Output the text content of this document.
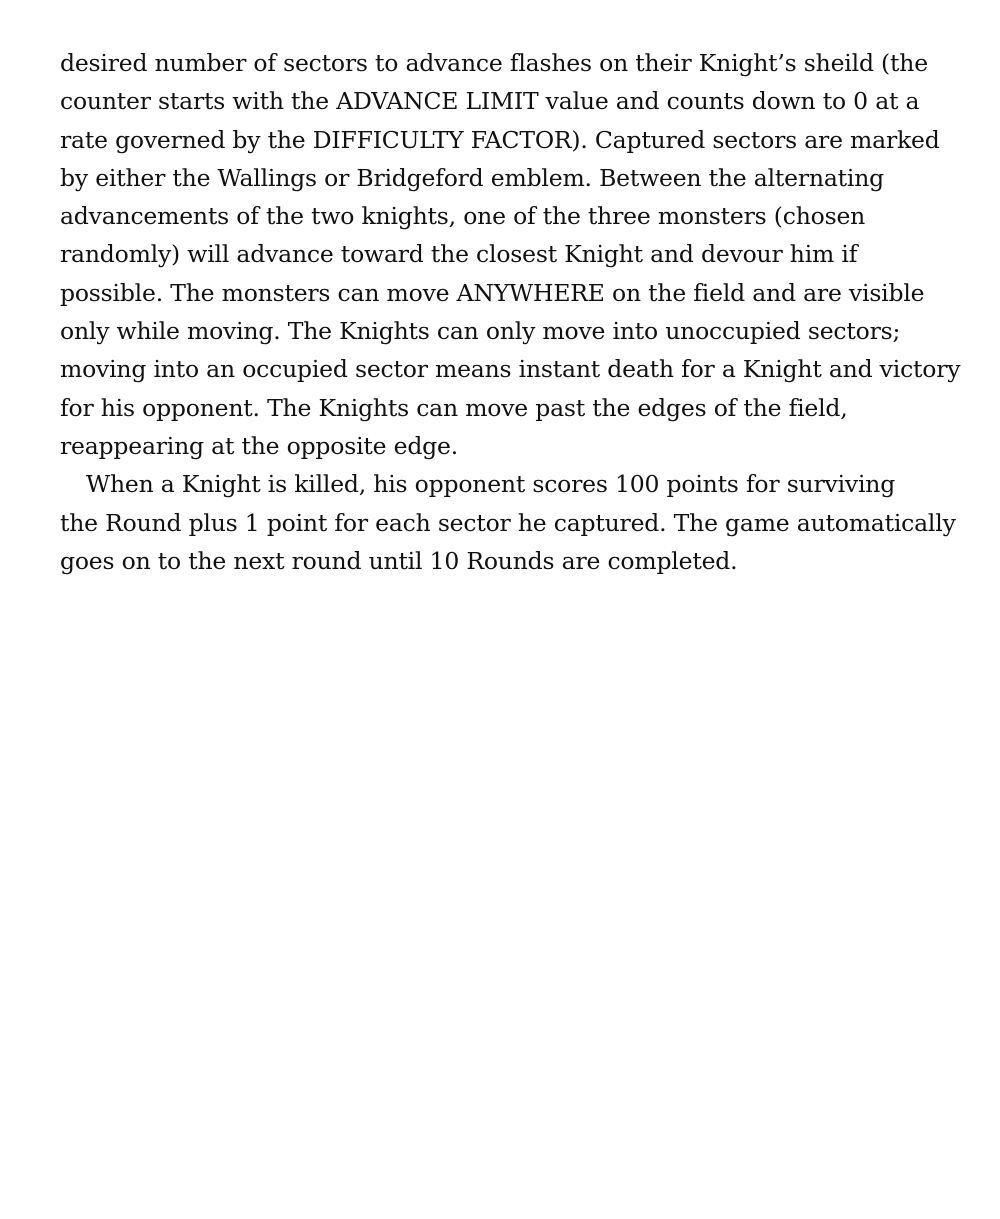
desired number of sectors to advance flashes on their Knight’s sheild (the
counter starts with the ADVANCE LIMIT value and counts down to 0 at a
rate governed by the DIFFICULTY FACTOR). Captured sectors are marked
by either the Wallings or Bridgeford emblem. Between the alternating
advancements of the two knights, one of the three monsters (chosen
randomly) will advance toward the closest Knight and devour him if
possible. The monsters can move ANYWHERE on the field and are visible
only while moving. The Knights can only move into unoccupied sectors;
moving into an occupied sector means instant death for a Knight and victory
for his opponent. The Knights can move past the edges of the field,
reappearing at the opposite edge.
When a Knight is killed, his opponent scores 100 points for surviving
the Round plus 1 point for each sector he captured. The game automatically
goes on to the next round until 10 Rounds are completed.
